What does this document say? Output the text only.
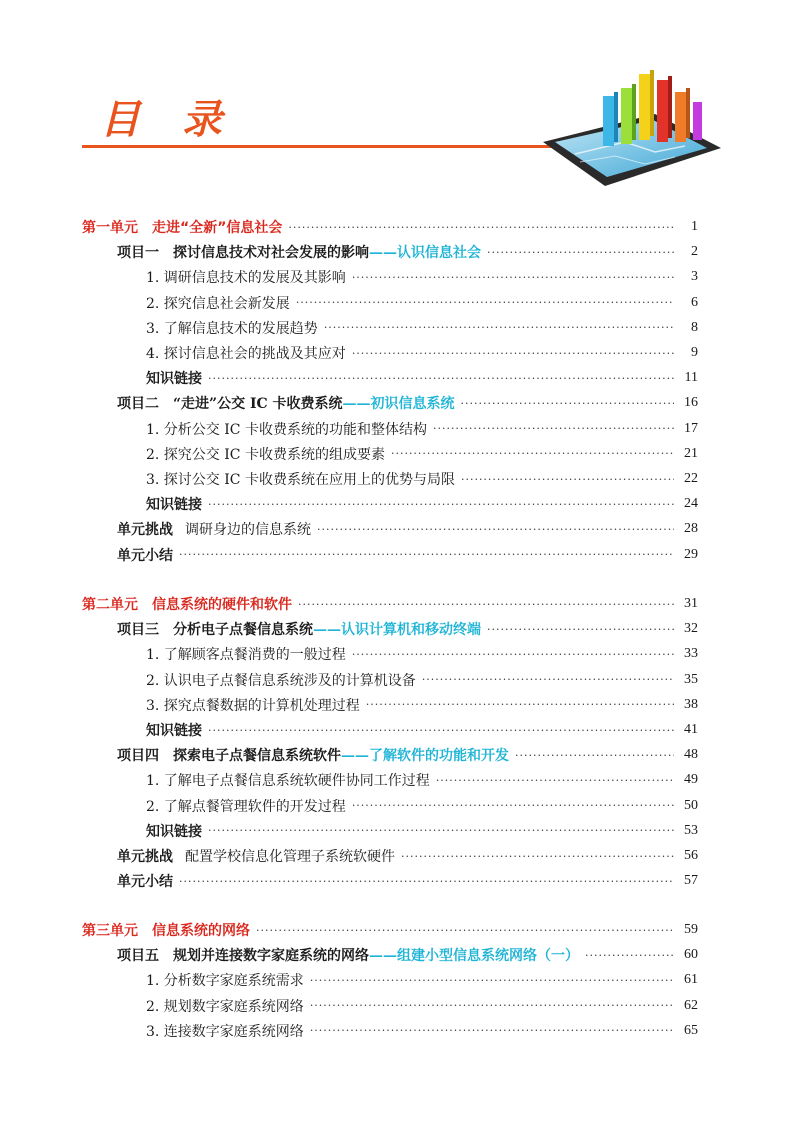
目 录
第一单元 走进“全新”信息社会 ·····	1
项目一 探讨信息技术对社会发展的影响——认识信息社会 ·····	2
1. 调研信息技术的发展及其影响 ·····	3
2. 探究信息社会新发展 ·····	6
3. 了解信息技术的发展趋势 ·····	8
4. 探讨信息社会的挑战及其应对 ·····	9
知识链接 ·····	11
项目二 “走进”公交 IC 卡收费系统——初识信息系统 ·····	16
1. 分析公交 IC 卡收费系统的功能和整体结构 ·····	17
2. 探究公交 IC 卡收费系统的组成要素 ·····	21
3. 探讨公交 IC 卡收费系统在应用上的优势与局限 ·····	22
知识链接 ·····	24
单元挑战 调研身边的信息系统 ·····	28
单元小结 ·····	29
第二单元 信息系统的硬件和软件 ·····	31
项目三 分析电子点餐信息系统——认识计算机和移动终端 ·····	32
1. 了解顾客点餐消费的一般过程 ·····	33
2. 认识电子点餐信息系统涉及的计算机设备 ·····	35
3. 探究点餐数据的计算机处理过程 ·····	38
知识链接 ·····	41
项目四 探索电子点餐信息系统软件——了解软件的功能和开发 ·····	48
1. 了解电子点餐信息系统软硬件协同工作过程 ·····	49
2. 了解点餐管理软件的开发过程 ·····	50
知识链接 ·····	53
单元挑战 配置学校信息化管理子系统软硬件 ·····	56
单元小结 ·····	57
第三单元 信息系统的网络 ·····	59
项目五 规划并连接数字家庭系统的网络——组建小型信息系统网络（一） ·····	60
1. 分析数字家庭系统需求 ·····	61
2. 规划数字家庭系统网络 ·····	62
3. 连接数字家庭系统网络 ·····	65
